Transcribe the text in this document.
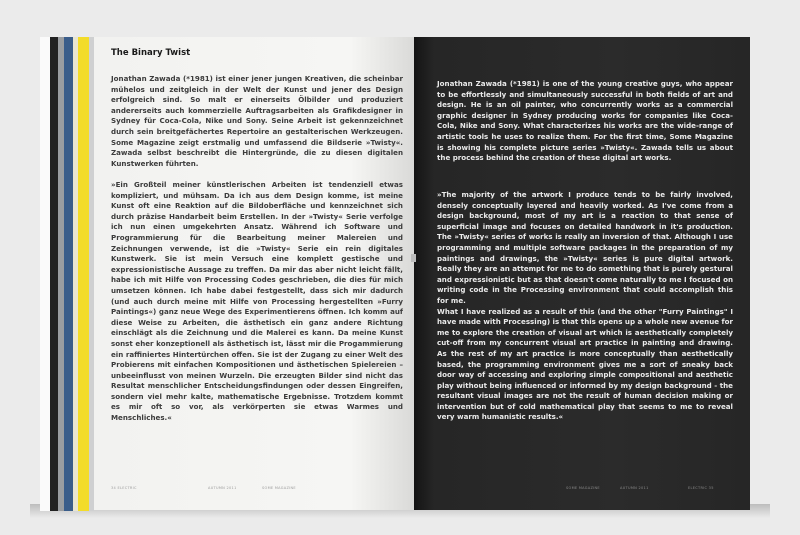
The Binary Twist

Jonathan Zawada (*1981) ist einer jener jungen Kreativen, die scheinbar mühelos und zeitgleich in der Welt der Kunst und jener des Design erfolgreich sind. So malt er einerseits Ölbilder und produziert andererseits auch kommerzielle Auftragsarbeiten als Grafikdesigner in Sydney für Coca-Cola, Nike und Sony. Seine Arbeit ist gekennzeichnet durch sein breitgefächertes Repertoire an gestalterischen Werkzeugen. Some Magazine zeigt erstmalig und umfassend die Bildserie »Twisty«. Zawada selbst beschreibt die Hintergründe, die zu diesen digitalen Kunstwerken führten.

»Ein Großteil meiner künstlerischen Arbeiten ist tendenziell etwas kompliziert, und mühsam. Da ich aus dem Design komme, ist meine Kunst oft eine Reaktion auf die Bildoberfläche und kennzeichnet sich durch präzise Handarbeit beim Erstellen. In der »Twisty« Serie verfolge ich nun einen umgekehrten Ansatz. Während ich Software und Programmierung für die Bearbeitung meiner Malereien und Zeichnungen verwende, ist die »Twisty« Serie ein rein digitales Kunstwerk. Sie ist mein Versuch eine komplett gestische und expressionistische Aussage zu treffen. Da mir das aber nicht leicht fällt, habe ich mit Hilfe von Processing Codes geschrieben, die dies für mich umsetzen können. Ich habe dabei festgestellt, dass sich mir dadurch (und auch durch meine mit Hilfe von Processing hergestellten »Furry Paintings«) ganz neue Wege des Experimentierens öffnen. Ich komm auf diese Weise zu Arbeiten, die ästhetisch ein ganz andere Richtung einschlägt als die Zeichnung und die Malerei es kann. Da meine Kunst sonst eher konzeptionell als ästhetisch ist, lässt mir die Progammierung ein raffiniertes Hintertürchen offen. Sie ist der Zugang zu einer Welt des Probierens mit einfachen Kompositionen und ästhetischen Spielereien – unbeeinflusst von meinen Wurzeln. Die erzeugten Bilder sind nicht das Resultat menschlicher Entscheidungsfindungen oder dessen Eingreifen, sondern viel mehr kalte, mathematische Ergebnisse. Trotzdem kommt es mir oft so vor, als verkörperten sie etwas Warmes und Menschliches.«

Jonathan Zawada (*1981) is one of the young creative guys, who appear to be effortlessly and simultaneously successful in both fields of art and design. He is an oil painter, who concurrently works as a commercial graphic designer in Sydney producing works for companies like Coca-Cola, Nike and Sony. What characterizes his works are the wide-range of artistic tools he uses to realize them. For the first time, Some Magazine is showing his complete picture series »Twisty«. Zawada tells us about the process behind the creation of these digital art works.

»The majority of the artwork I produce tends to be fairly involved, densely conceptually layered and heavily worked. As I've come from a design background, most of my art is a reaction to that sense of superficial image and focuses on detailed handwork in it's production. The »Twisty« series of works is really an inversion of that. Although I use programming and multiple software packages in the preparation of my paintings and drawings, the »Twisty« series is pure digital artwork. Really they are an attempt for me to do something that is purely gestural and expressionistic but as that doesn't come naturally to me I focused on writing code in the Processing environment that could accomplish this for me.
What I have realized as a result of this (and the other "Furry Paintings" I have made with Processing) is that this opens up a whole new avenue for me to explore the creation of visual art which is aesthetically completely cut-off from my concurrent visual art practice in painting and drawing. As the rest of my art practice is more conceptually than aesthetically based, the programming environment gives me a sort of sneaky back door way of accessing and exploring simple compositional and aesthetic play without being influenced or informed by my design background - the resultant visual images are not the result of human decision making or intervention but of cold mathematical play that seems to me to reveal very warm humanistic results.«

34 ELECTRIC	AUTUMN 2011	SOME MAGAZINE	SOME MAGAZINE	AUTUMN 2011	ELECTRIC 35
